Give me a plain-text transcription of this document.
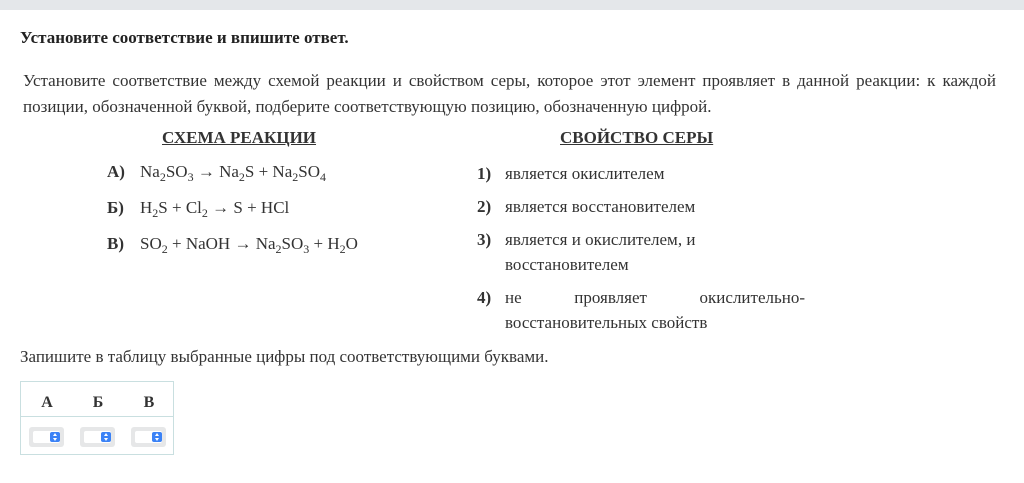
Установите соответствие и впишите ответ.
Установите соответствие между схемой реакции и свойством серы, которое этот элемент проявляет в данной реакции: к каждой позиции, обозначенной буквой, подберите соответствующую позицию, обозначенную цифрой.
СХЕМА РЕАКЦИИ	СВОЙСТВО СЕРЫ
А) $Na_2SO_3 \to Na_2S + Na_2SO_4$
Б) $H_2S + Cl_2 \to S$ + HCl
В) $SO_2$ + NaOH → $Na_2SO_3 + H_2O$
1) является окислителем
2) является восстановителем
3) является и окислителем, и восстановителем
4) не проявляет окислительно-восстановительных свойств
Запишите в таблицу выбранные цифры под соответствующими буквами.
А	Б	В
